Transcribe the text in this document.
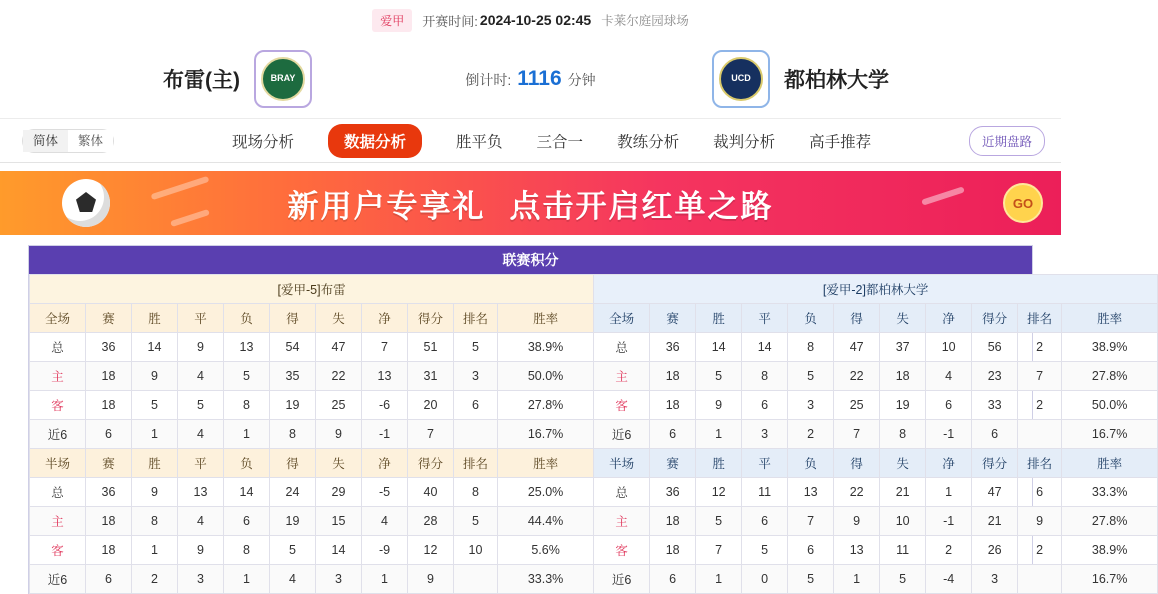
爱甲	开赛时间: 2024-10-25 02:45 卡莱尔庭园球场
布雷(主)	BRAY	倒计时: 1116 分钟	UCD	都柏林大学
简体	繁体	现场分析	数据分析	胜平负 三合一 教练分析 裁判分析 高手推荐	近期盘路
新用户专享礼 点击开启红单之路	GO
联赛积分
[爱甲-5]布雷											[爱甲-2]都柏林大学										
全场	赛	胜	平	负	得	失	净	得分	排名	胜率	全场	赛	胜	平	负	得	失	净	得分	排名	胜率
总	36	14	9	13	54	47	7	51	5	38.9%	总	36	14	14	8	47	37	10	56	2	38.9%
主	18	9	4	5	35	22	13	31	3	50.0%	主	18	5	8	5	22	18	4	23	7	27.8%
客	18	5	5	8	19	25	-6	20	6	27.8%	客	18	9	6	3	25	19	6	33	2	50.0%
近6	6	1	4	1	8	9	-1	7		16.7%	近6	6	1	3	2	7	8	-1	6		16.7%
半场	赛	胜	平	负	得	失	净	得分	排名	胜率	半场	赛	胜	平	负	得	失	净	得分	排名	胜率
总	36	9	13	14	24	29	-5	40	8	25.0%	总	36	12	11	13	22	21	1	47	6	33.3%
主	18	8	4	6	19	15	4	28	5	44.4%	主	18	5	6	7	9	10	-1	21	9	27.8%
客	18	1	9	8	5	14	-9	12	10	5.6%	客	18	7	5	6	13	11	2	26	2	38.9%
近6	6	2	3	1	4	3	1	9		33.3%	近6	6	1	0	5	1	5	-4	3		16.7%
